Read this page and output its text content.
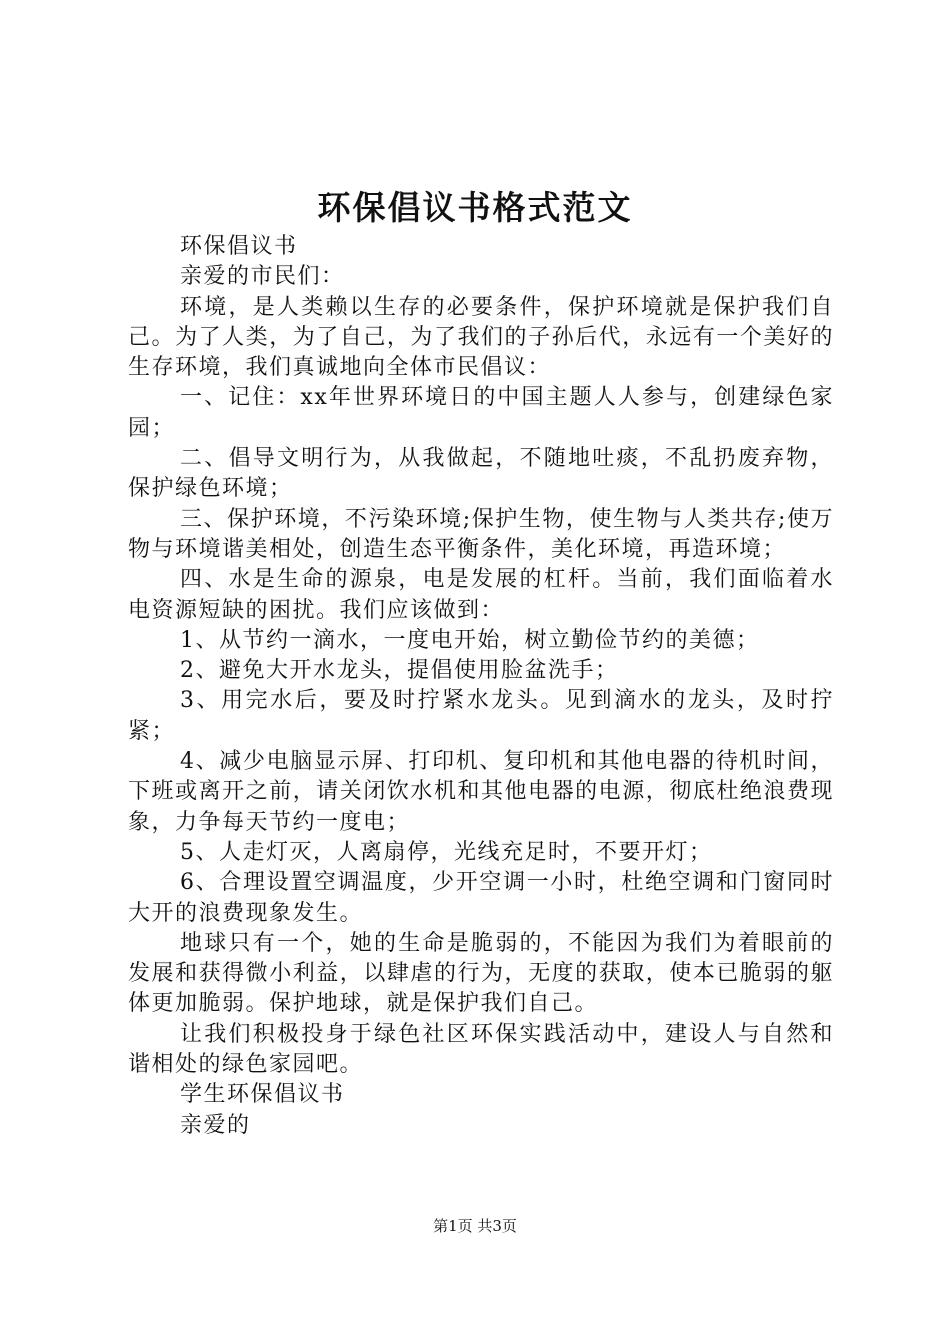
环保倡议书格式范文

环保倡议书

亲爱的市民们：

环境，是人类赖以生存的必要条件，保护环境就是保护我们自己。为了人类，为了自己，为了我们的子孙后代，永远有一个美好的生存环境，我们真诚地向全体市民倡议：

一、记住：xx年世界环境日的中国主题人人参与，创建绿色家园；

二、倡导文明行为，从我做起，不随地吐痰，不乱扔废弃物，保护绿色环境；

三、保护环境，不污染环境;保护生物，使生物与人类共存;使万物与环境谐美相处，创造生态平衡条件，美化环境，再造环境；

四、水是生命的源泉，电是发展的杠杆。当前，我们面临着水电资源短缺的困扰。我们应该做到：

1、从节约一滴水，一度电开始，树立勤俭节约的美德；

2、避免大开水龙头，提倡使用脸盆洗手；

3、用完水后，要及时拧紧水龙头。见到滴水的龙头，及时拧紧；

4、减少电脑显示屏、打印机、复印机和其他电器的待机时间，下班或离开之前，请关闭饮水机和其他电器的电源，彻底杜绝浪费现象，力争每天节约一度电；

5、人走灯灭，人离扇停，光线充足时，不要开灯；

6、合理设置空调温度，少开空调一小时，杜绝空调和门窗同时大开的浪费现象发生。

地球只有一个，她的生命是脆弱的，不能因为我们为着眼前的发展和获得微小利益，以肆虐的行为，无度的获取，使本已脆弱的躯体更加脆弱。保护地球，就是保护我们自己。

让我们积极投身于绿色社区环保实践活动中，建设人与自然和谐相处的绿色家园吧。

学生环保倡议书

亲爱的

第1页 共3页
